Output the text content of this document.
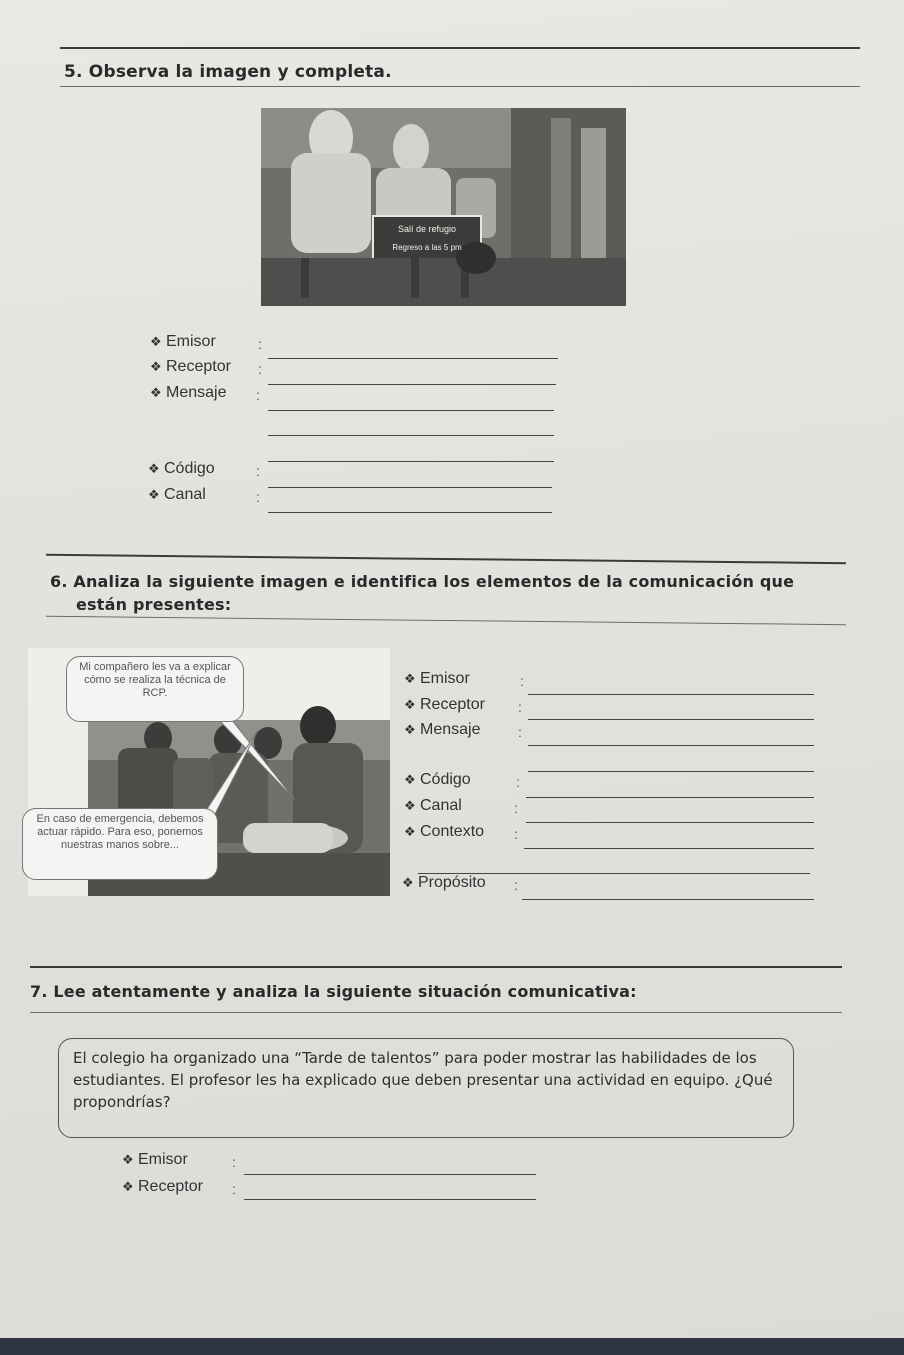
5. Observa la imagen y completa.
Salí de refugio
Regreso a las 5 pm
❖ Emisor	:
❖ Receptor :
❖ Mensaje :
❖ Código	:
❖ Canal	:
6. Analiza la siguiente imagen e identifica los elementos de la comunicación que
están presentes:
Mi compañero les va a explicar cómo se realiza la técnica de RCP.
En caso de emergencia, debemos actuar rápido. Para eso, ponemos nuestras manos sobre...
❖ Emisor	:
❖ Receptor :
❖ Mensaje	:
❖ Código	:
❖ Canal	:
❖ Contexto :
❖ Propósito :
7. Lee atentamente y analiza la siguiente situación comunicativa:
El colegio ha organizado una “Tarde de talentos” para poder mostrar las habilidades de los estudiantes. El profesor les ha explicado que deben presentar una actividad en equipo. ¿Qué propondrías?
❖ Emisor	:
❖ Receptor :
